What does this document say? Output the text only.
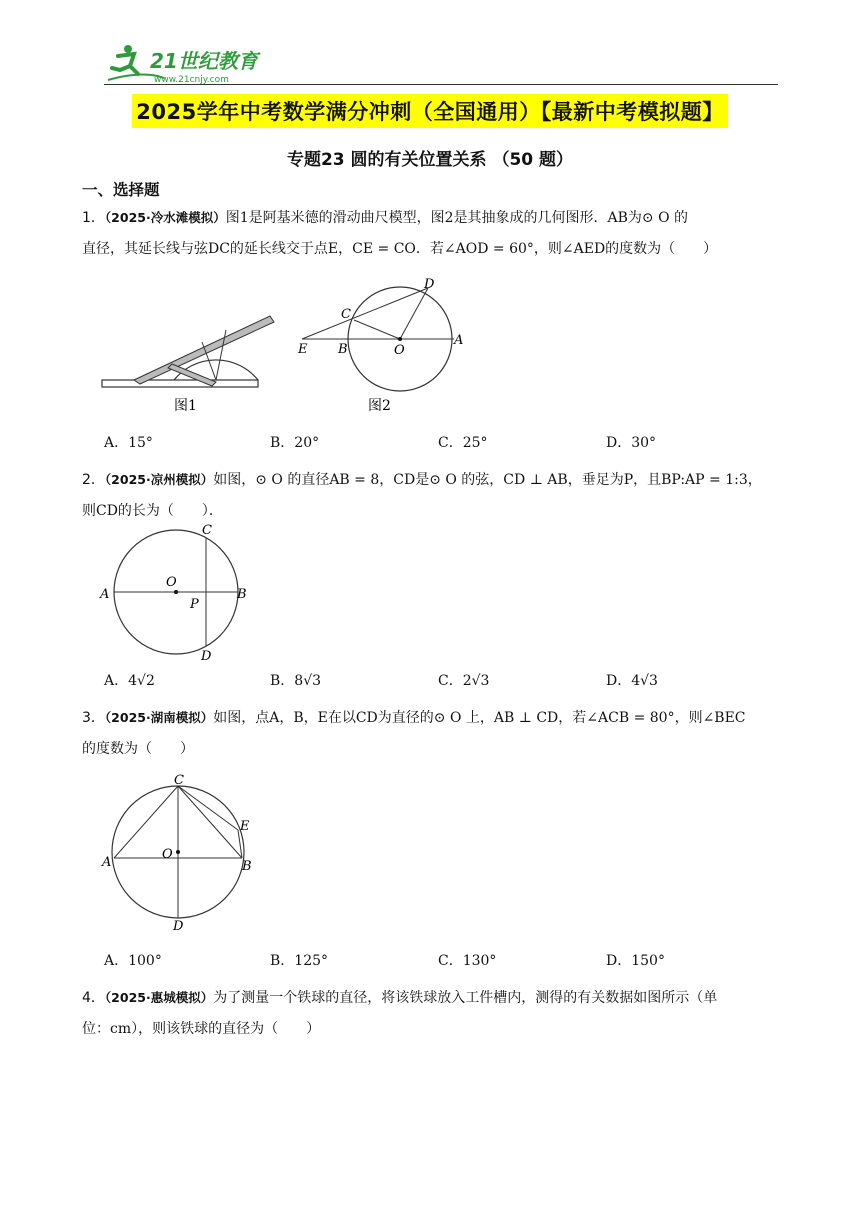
21世纪教育
www.21cnjy.com
2025学年中考数学满分冲刺（全国通用）【最新中考模拟题】
专题23 圆的有关位置关系 （50 题）
一、选择题
1．（2025·冷水滩模拟）图1是阿基米德的滑动曲尺模型，图2是其抽象成的几何图形．AB为⊙ O 的
直径，其延长线与弦DC的延长线交于点E，CE = CO．若∠AOD = 60°，则∠AED的度数为（　　）
图1
D
C
E B	O
A
图2
A．15°	B．20°	C．25°	D．30°
2．（2025·凉州模拟）如图，⊙ O 的直径AB = 8，CD是⊙ O 的弦，CD ⊥ AB，垂足为P，且BP:AP = 1:3，
则CD的长为（　　）．
C
O
A
P
B
D
A．4√2	B．8√3	C．2√3	D．4√3
3．（2025·湖南模拟）如图，点A，B，E在以CD为直径的⊙ O 上，AB ⊥ CD，若∠ACB = 80°，则∠BEC
的度数为（　　）
C
E
O
A	B
D
A．100°	B．125°	C．130°	D．150°
4．（2025·惠城模拟）为了测量一个铁球的直径，将该铁球放入工件槽内，测得的有关数据如图所示（单
位：cm），则该铁球的直径为（　　）
